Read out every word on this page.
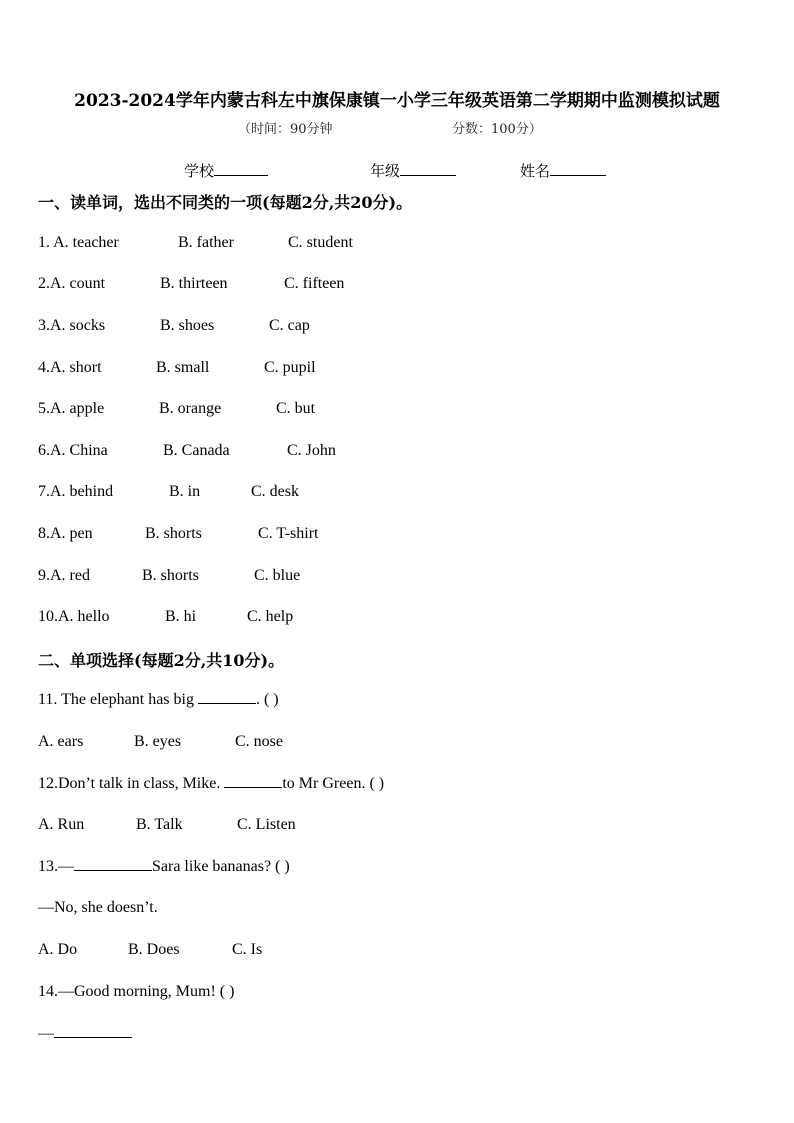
2023-2024学年内蒙古科左中旗保康镇一小学三年级英语第二学期期中监测模拟试题
（时间：90分钟	分数：100分）
学校	年级	姓名
一、读单词，选出不同类的一项(每题2分,共20分)。
1. A. teacher	B. father	C. student
2.A. count	B. thirteen	C. fifteen
3.A. socks	B. shoes	C. cap
4.A. short	B. small	C. pupil
5.A. apple	B. orange	C. but
6.A. China	B. Canada	C. John
7.A. behind	B. in	C. desk
8.A. pen	B. shorts	C. T-shirt
9.A. red	B. shorts	C. blue
10.A. hello	B. hi	C. help
二、单项选择(每题2分,共10分)。
11. The elephant has big	. ( )
A. ears	B. eyes	C. nose
12.Don’t talk in class, Mike.	to Mr Green. ( )
A. Run	B. Talk	C. Listen
13.—	Sara like bananas? ( )
—No, she doesn’t.
A. Do	B. Does	C. Is
14.—Good morning, Mum! ( )
—
